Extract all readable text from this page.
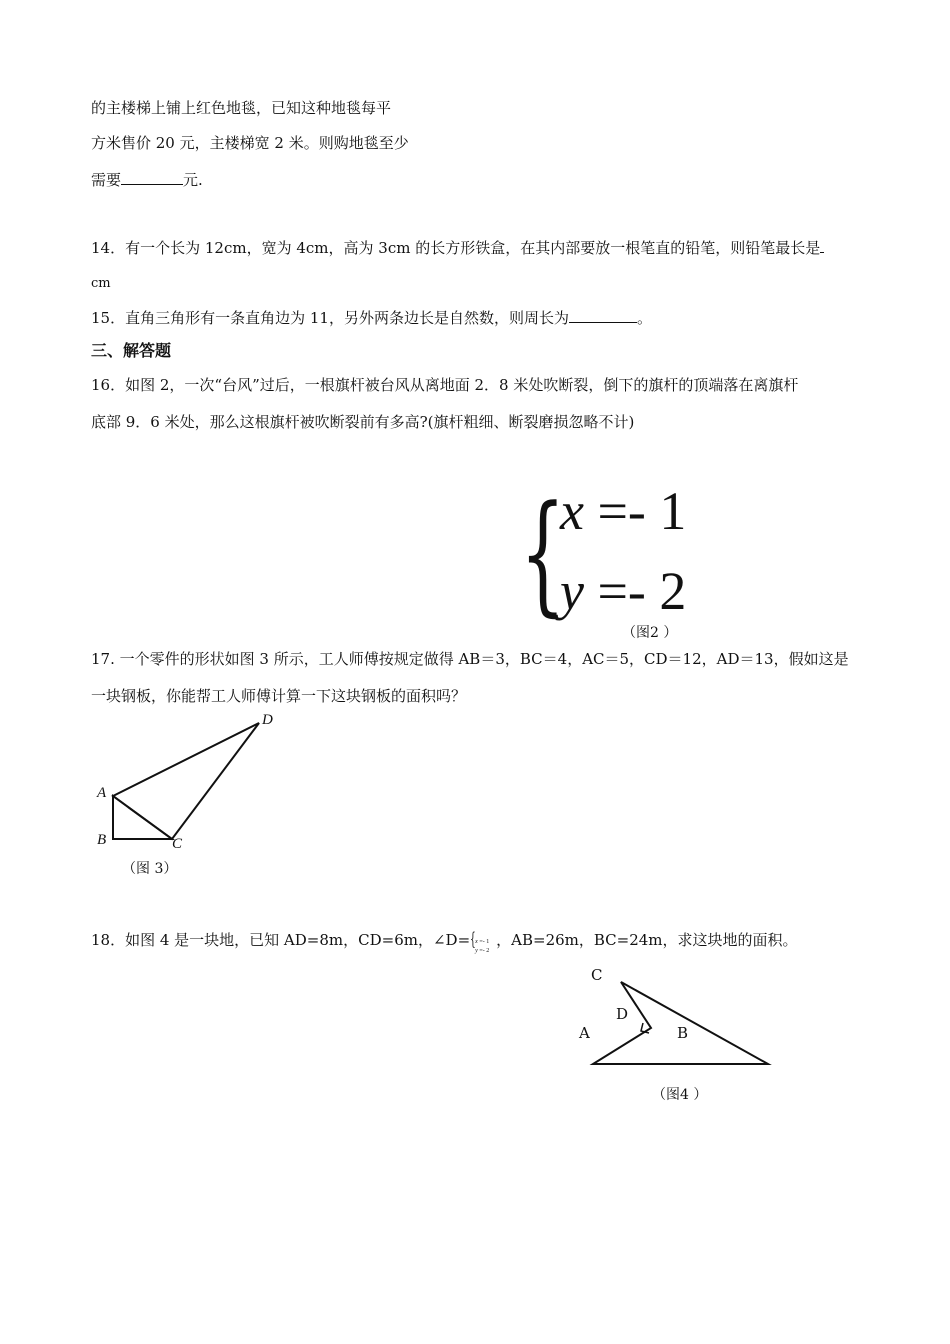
的主楼梯上铺上红色地毯，已知这种地毯每平
方米售价 20 元，主楼梯宽 2 米。则购地毯至少
需要	元.
14．有一个长为 12cm，宽为 4cm，高为 3cm 的长方形铁盒，在其内部要放一根笔直的铅笔，则铅笔最长是
cm
15．直角三角形有一条直角边为 11，另外两条边长是自然数，则周长为	。
三、解答题
16．如图 2，一次“台风”过后，一根旗杆被台风从离地面 2．8 米处吹断裂，倒下的旗杆的顶端落在离旗杆
底部 9．6 米处，那么这根旗杆被吹断裂前有多高?(旗杆粗细、断裂磨损忽略不计)
{
x =- 1
y =- 2
（图2 ）
17. 一个零件的形状如图 3 所示，工人师傅按规定做得 AB＝3，BC＝4，AC＝5，CD＝12，AD＝13，假如这是
一块钢板，你能帮工人师傅计算一下这块钢板的面积吗？
A
B	C
D
（图 3）
18．如图 4 是一块地，已知 AD=8m，CD=6m，∠D= { x =- 1
y =- 2
，AB=26m，BC=24m，求这块地的面积。
C
D
A	B
（图4 ）
